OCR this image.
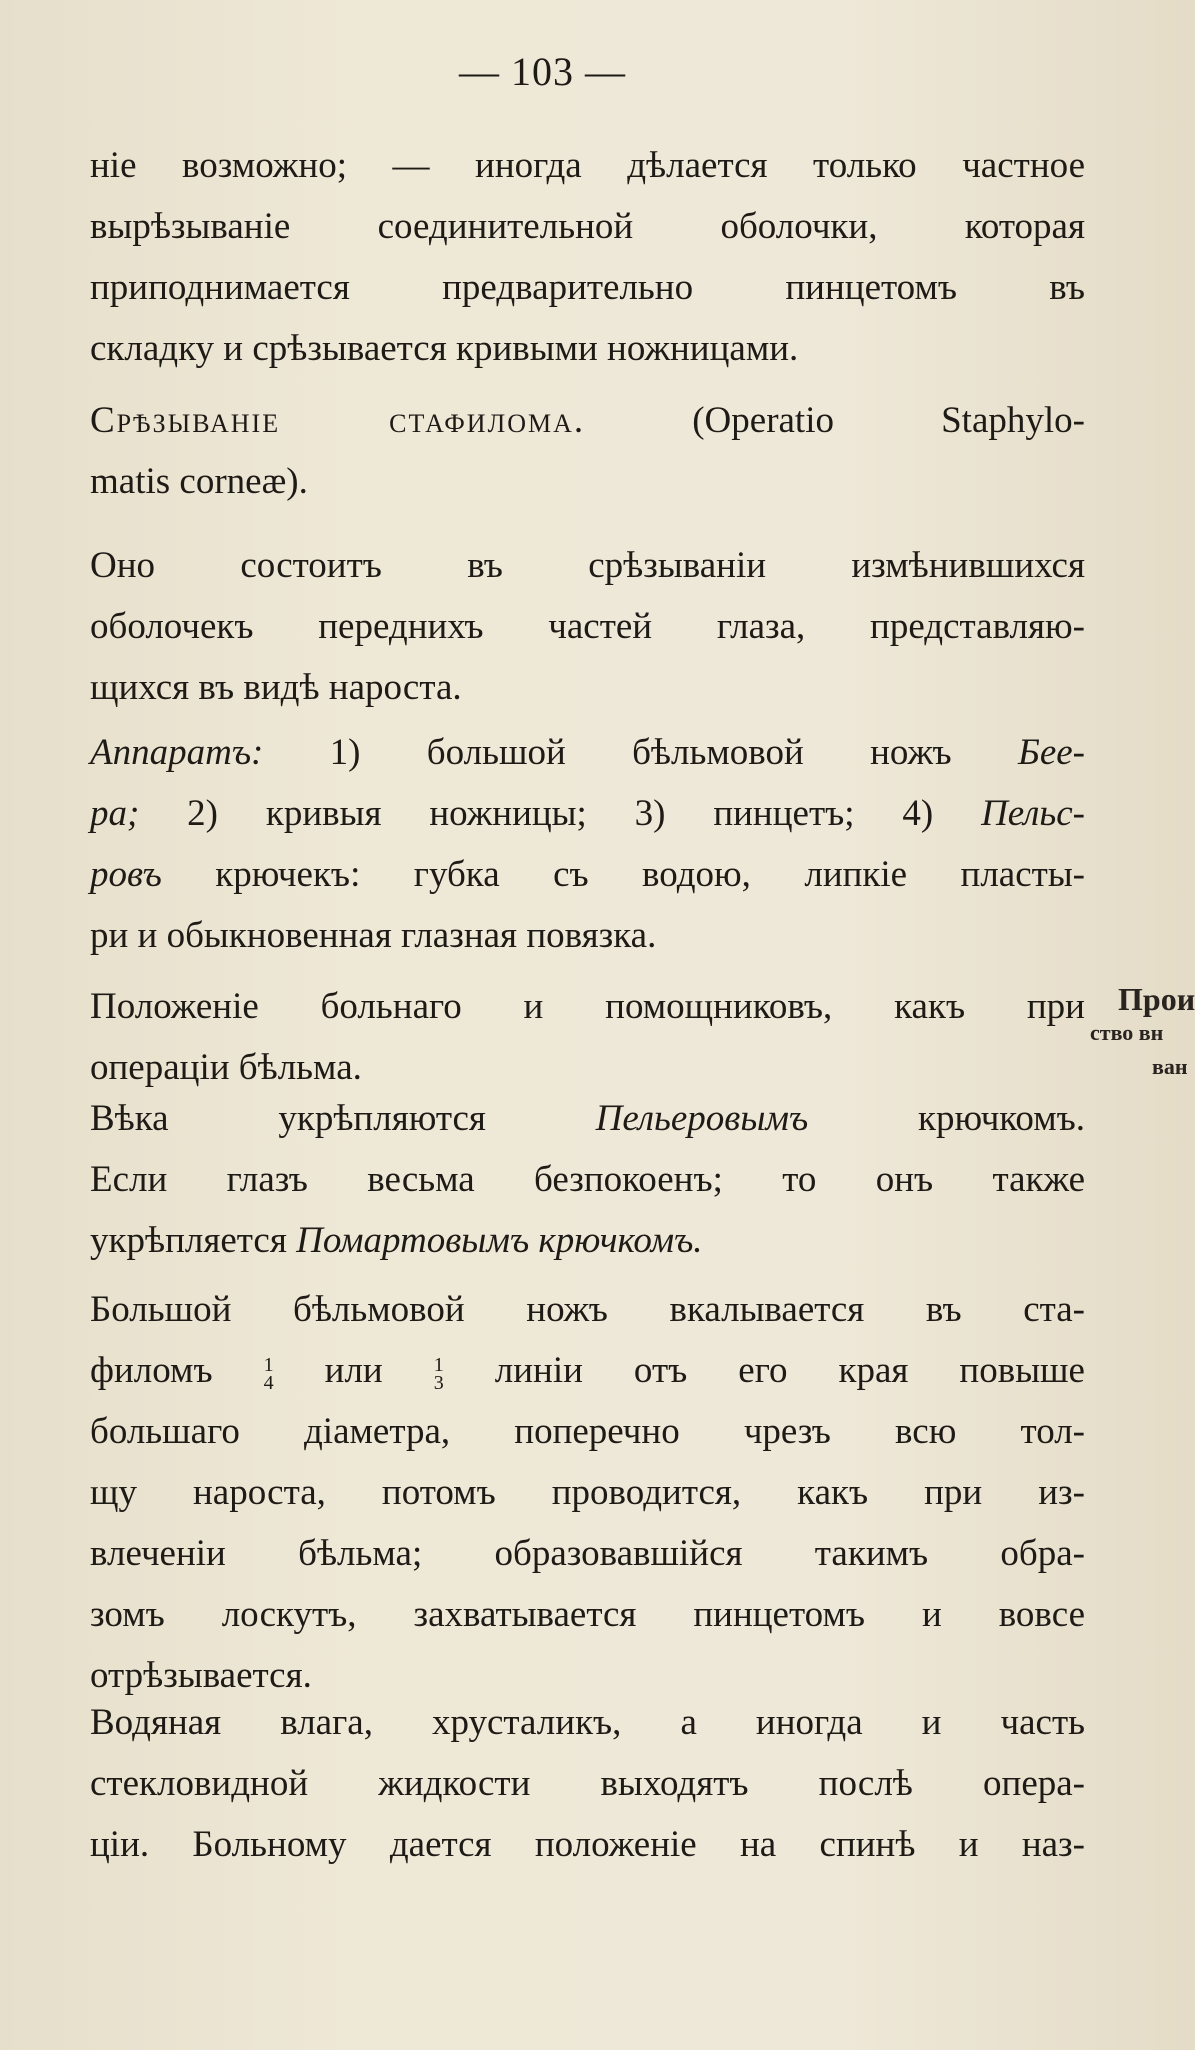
— 103 —
ніе возможно; — иногда дѣлается только частное
вырѣзываніе соединительной оболочки, которая
приподнимается предварительно пинцетомъ въ
складку и срѣзывается кривыми ножницами.
Срѣзываніе стафилома. (Operatio Staphylo-
matis corneæ).
Оно состоитъ въ срѣзываніи измѣнившихся
оболочекъ переднихъ частей глаза, представляю-
щихся въ видѣ нароста.
Аппаратъ: 1) большой бѣльмовой ножъ Бее-
ра; 2) кривыя ножницы; 3) пинцетъ; 4) Пельс-
ровъ крючекъ: губка съ водою, липкіе пласты-
ри и обыкновенная глазная повязка.
Положеніе больнаго и помощниковъ, какъ при
операціи бѣльма.
Вѣка укрѣпляются Пельеровымъ крючкомъ.
Если глазъ весьма безпокоенъ; то онъ также
укрѣпляется Помартовымъ крючкомъ.
Большой бѣльмовой ножъ вкалывается въ ста-
филомъ 1
4 или 1
3 линіи отъ его края повыше
большаго діаметра, поперечно чрезъ всю тол-
щу нароста, потомъ проводится, какъ при из-
влеченіи бѣльма; образовавшійся такимъ обра-
зомъ лоскутъ, захватывается пинцетомъ и вовсе
отрѣзывается.
Водяная влага, хрусталикъ, а иногда и часть
стекловидной жидкости выходятъ послѣ опера-
ціи. Больному дается положеніе на спинѣ и наз-
Прои
ство вн
ван
